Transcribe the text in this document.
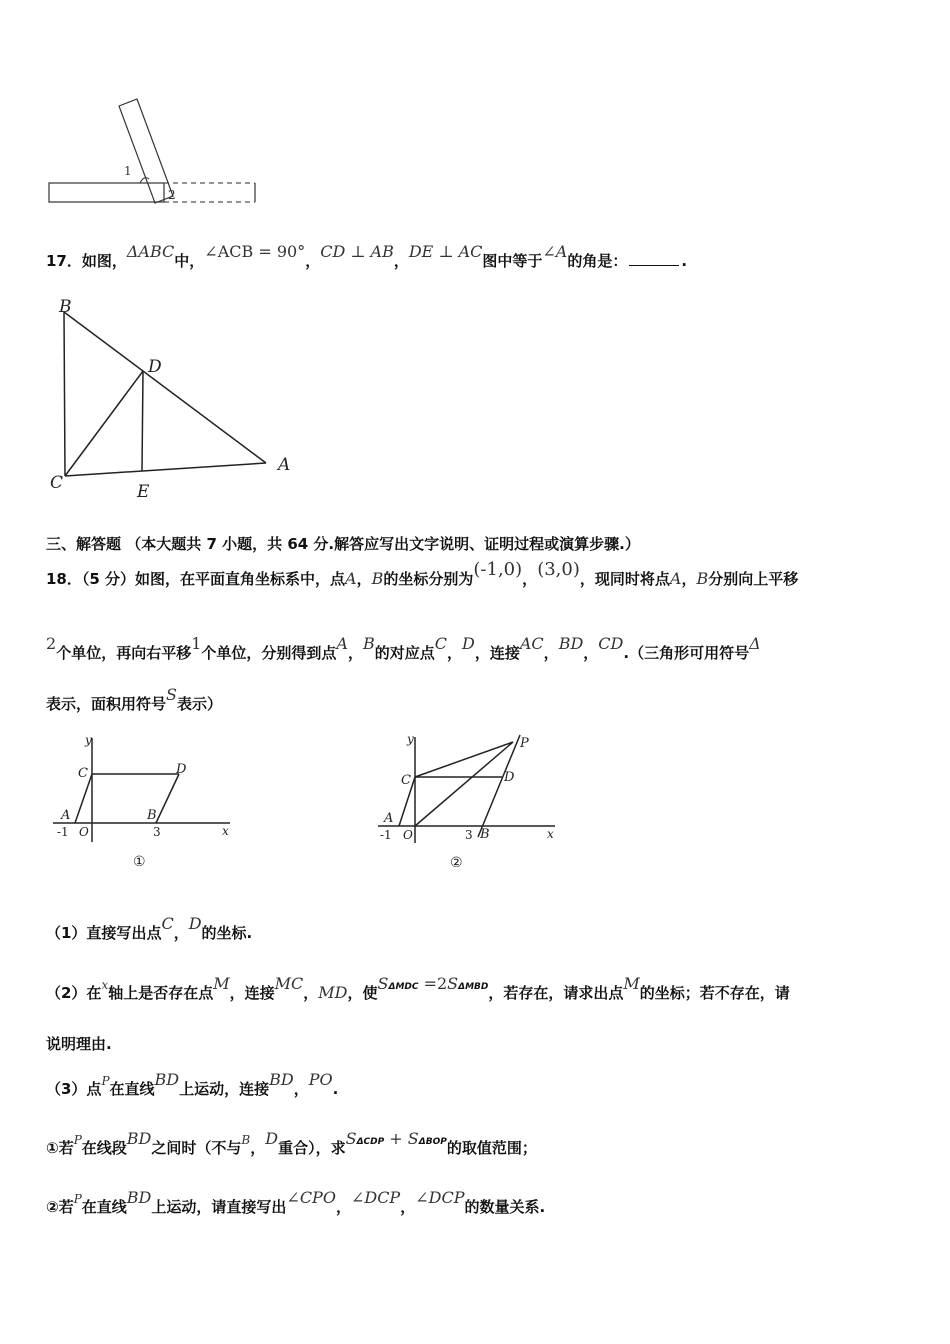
1
2
17．如图，ΔABC中，∠ACB = 90°，CD ⊥ AB，DE ⊥ AC图中等于∠A的角是：	.
B
D
C	E
A
三、解答题 （本大题共 7 小题，共 64 分.解答应写出文字说明、证明过程或演算步骤.）
18．（5 分）如图，在平面直角坐标系中，点A，B的坐标分别为(-1,0)，(3,0)，现同时将点A，B分别向上平移
2个单位，再向右平移1个单位，分别得到点A，B的对应点C，D，连接AC，BD，CD.（三角形可用符号Δ
表示，面积用符号S表示）
y
x
C	D
A	B
-1 O	3
①
y
x
C	D
P
A
B
-1 O	3
②
（1）直接写出点C，D的坐标.
（2）在$^x$轴上是否存在点M，连接MC，MD，使SΔMDC =2SΔMBD，若存在，请求出点M的坐标；若不存在，请
说明理由.
（3）点$^P$在直线BD上运动，连接BD，PO.
①若$^P$在线段BD之间时（不与$^B$，D重合），求SΔCDP + SΔBOP的取值范围；
②若$^P$在直线BD上运动，请直接写出∠CPO，∠DCP，∠DCP的数量关系.
